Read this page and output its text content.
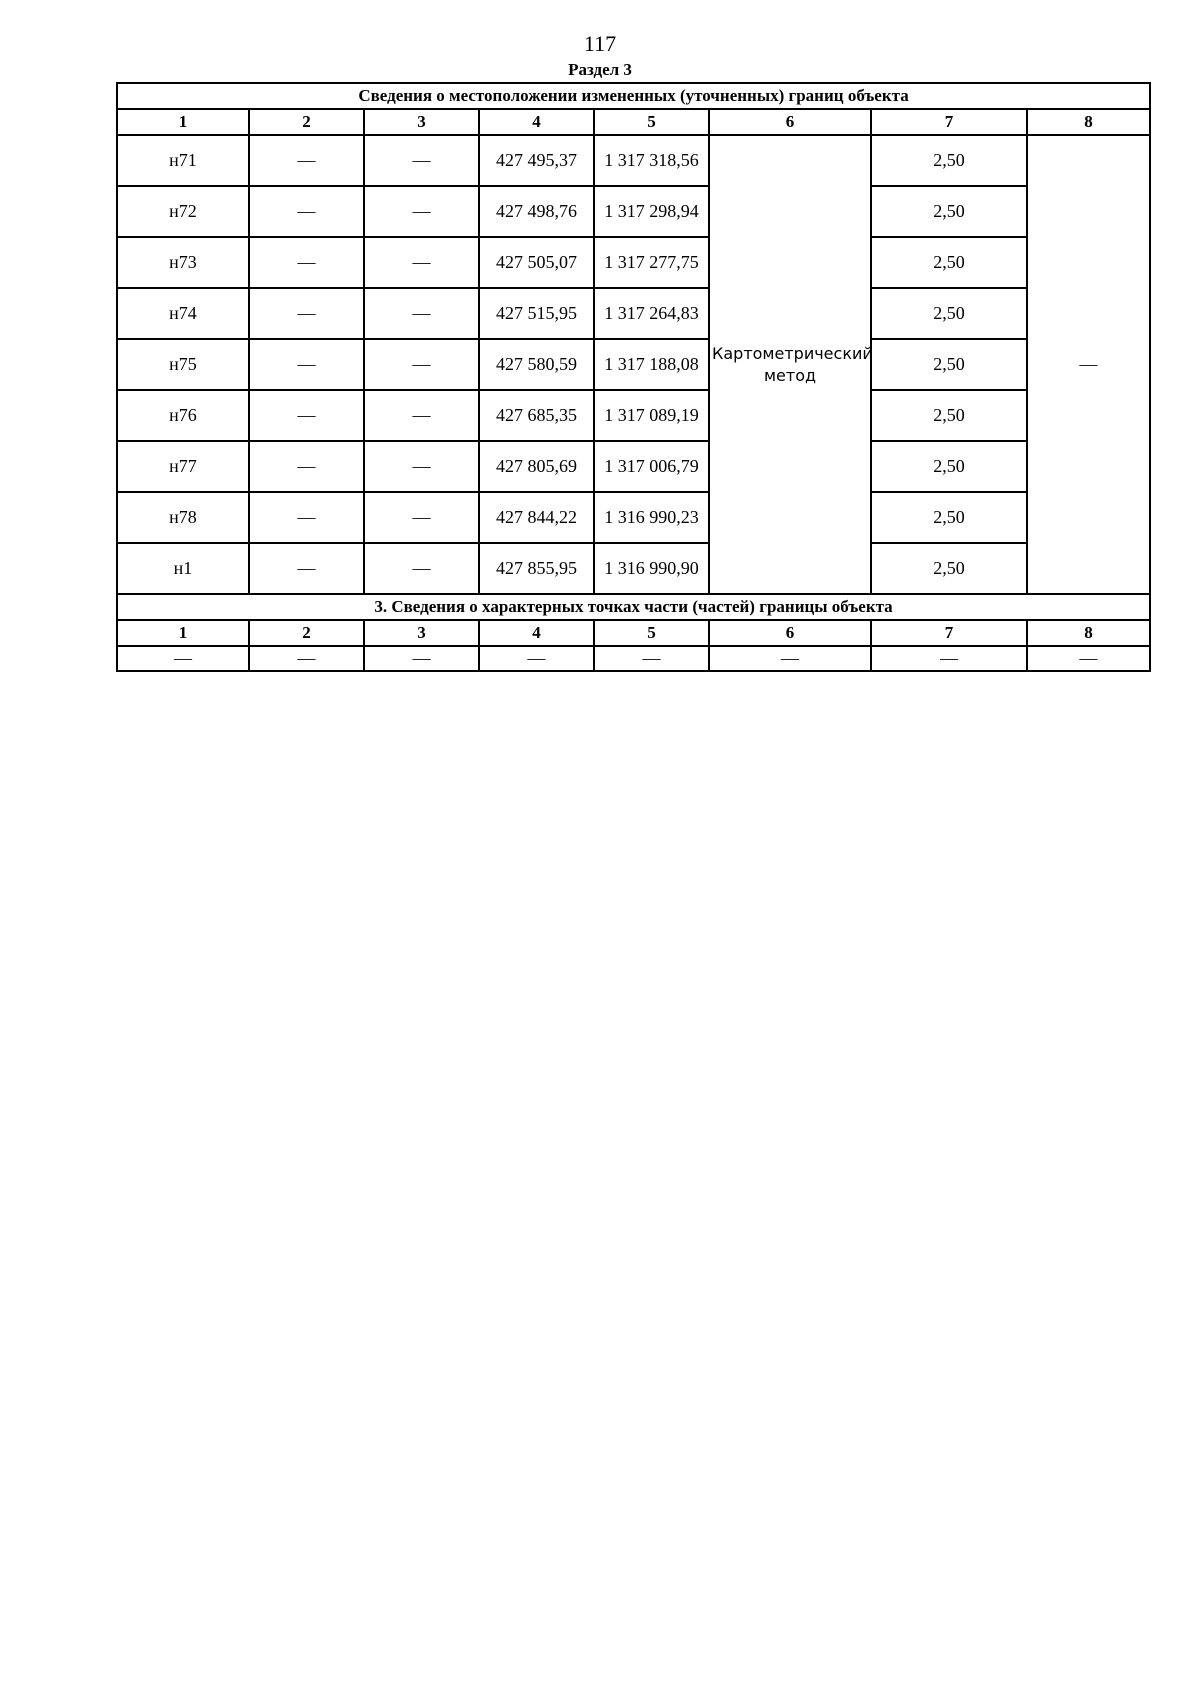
117
Раздел 3
Сведения о местоположении измененных (уточненных) границ объекта							
1	2	3	4	5	6	7	8
н71	—	—	427 495,37	1 317 318,56	Картометрический метод	2,50	—
н72	—	—	427 498,76	1 317 298,94		2,50	
н73	—	—	427 505,07	1 317 277,75		2,50	
н74	—	—	427 515,95	1 317 264,83		2,50	
н75	—	—	427 580,59	1 317 188,08		2,50	
н76	—	—	427 685,35	1 317 089,19		2,50	
н77	—	—	427 805,69	1 317 006,79		2,50	
н78	—	—	427 844,22	1 316 990,23		2,50	
н1	—	—	427 855,95	1 316 990,90		2,50	
3. Сведения о характерных точках части (частей) границы объекта							
1	2	3	4	5	6	7	8
—	—	—	—	—	—	—	—
